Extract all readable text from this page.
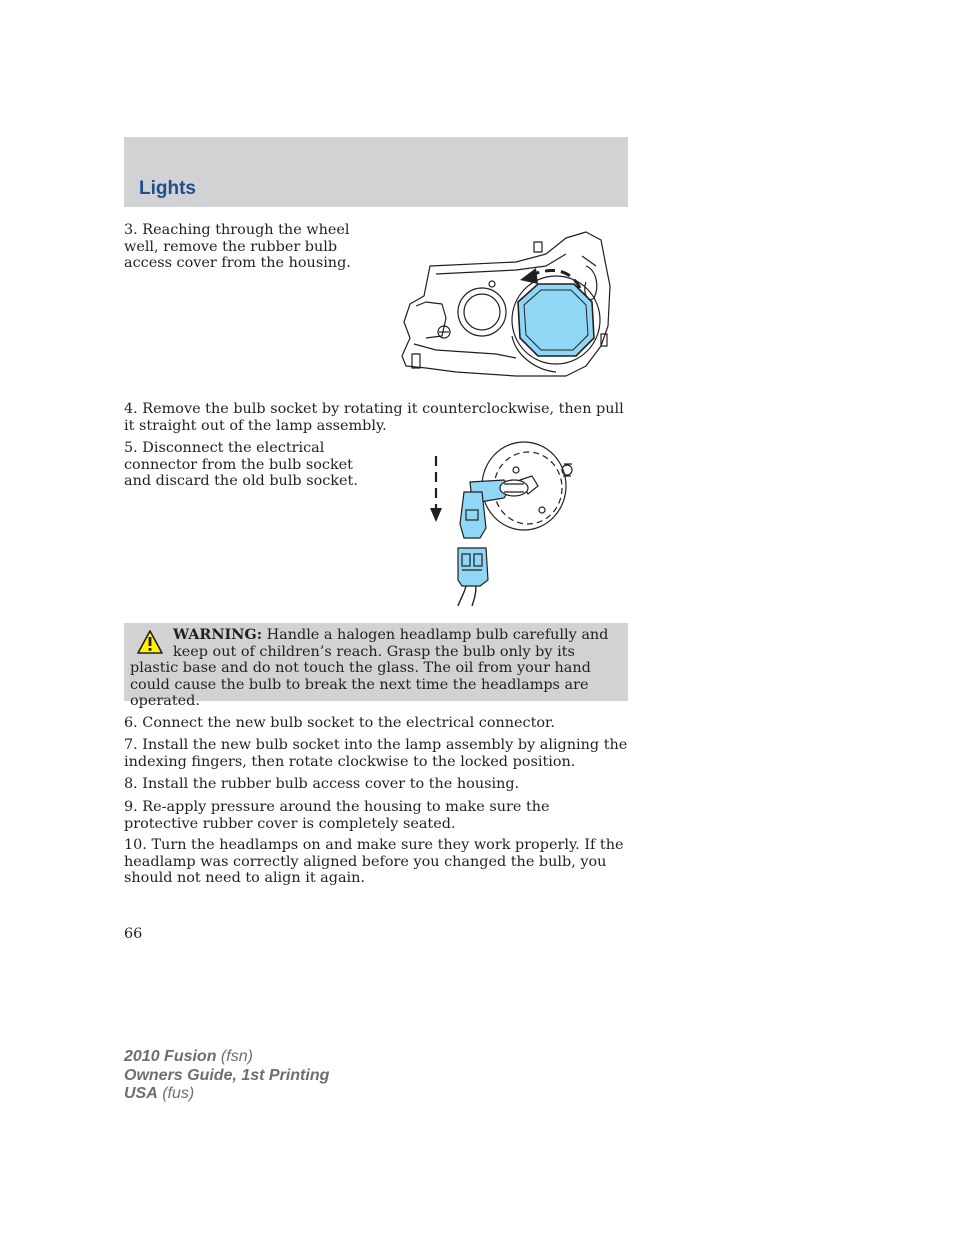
Lights

3. Reaching through the wheel well, remove the rubber bulb access cover from the housing.

4. Remove the bulb socket by rotating it counterclockwise, then pull it straight out of the lamp assembly.

5. Disconnect the electrical connector from the bulb socket and discard the old bulb socket.

WARNING: Handle a halogen headlamp bulb carefully and keep out of children’s reach. Grasp the bulb only by its plastic base and do not touch the glass. The oil from your hand could cause the bulb to break the next time the headlamps are operated.

6. Connect the new bulb socket to the electrical connector.

7. Install the new bulb socket into the lamp assembly by aligning the indexing fingers, then rotate clockwise to the locked position.

8. Install the rubber bulb access cover to the housing.

9. Re-apply pressure around the housing to make sure the protective rubber cover is completely seated.

10. Turn the headlamps on and make sure they work properly. If the headlamp was correctly aligned before you changed the bulb, you should not need to align it again.

66

2010 Fusion (fsn)
Owners Guide, 1st Printing
USA (fus)
